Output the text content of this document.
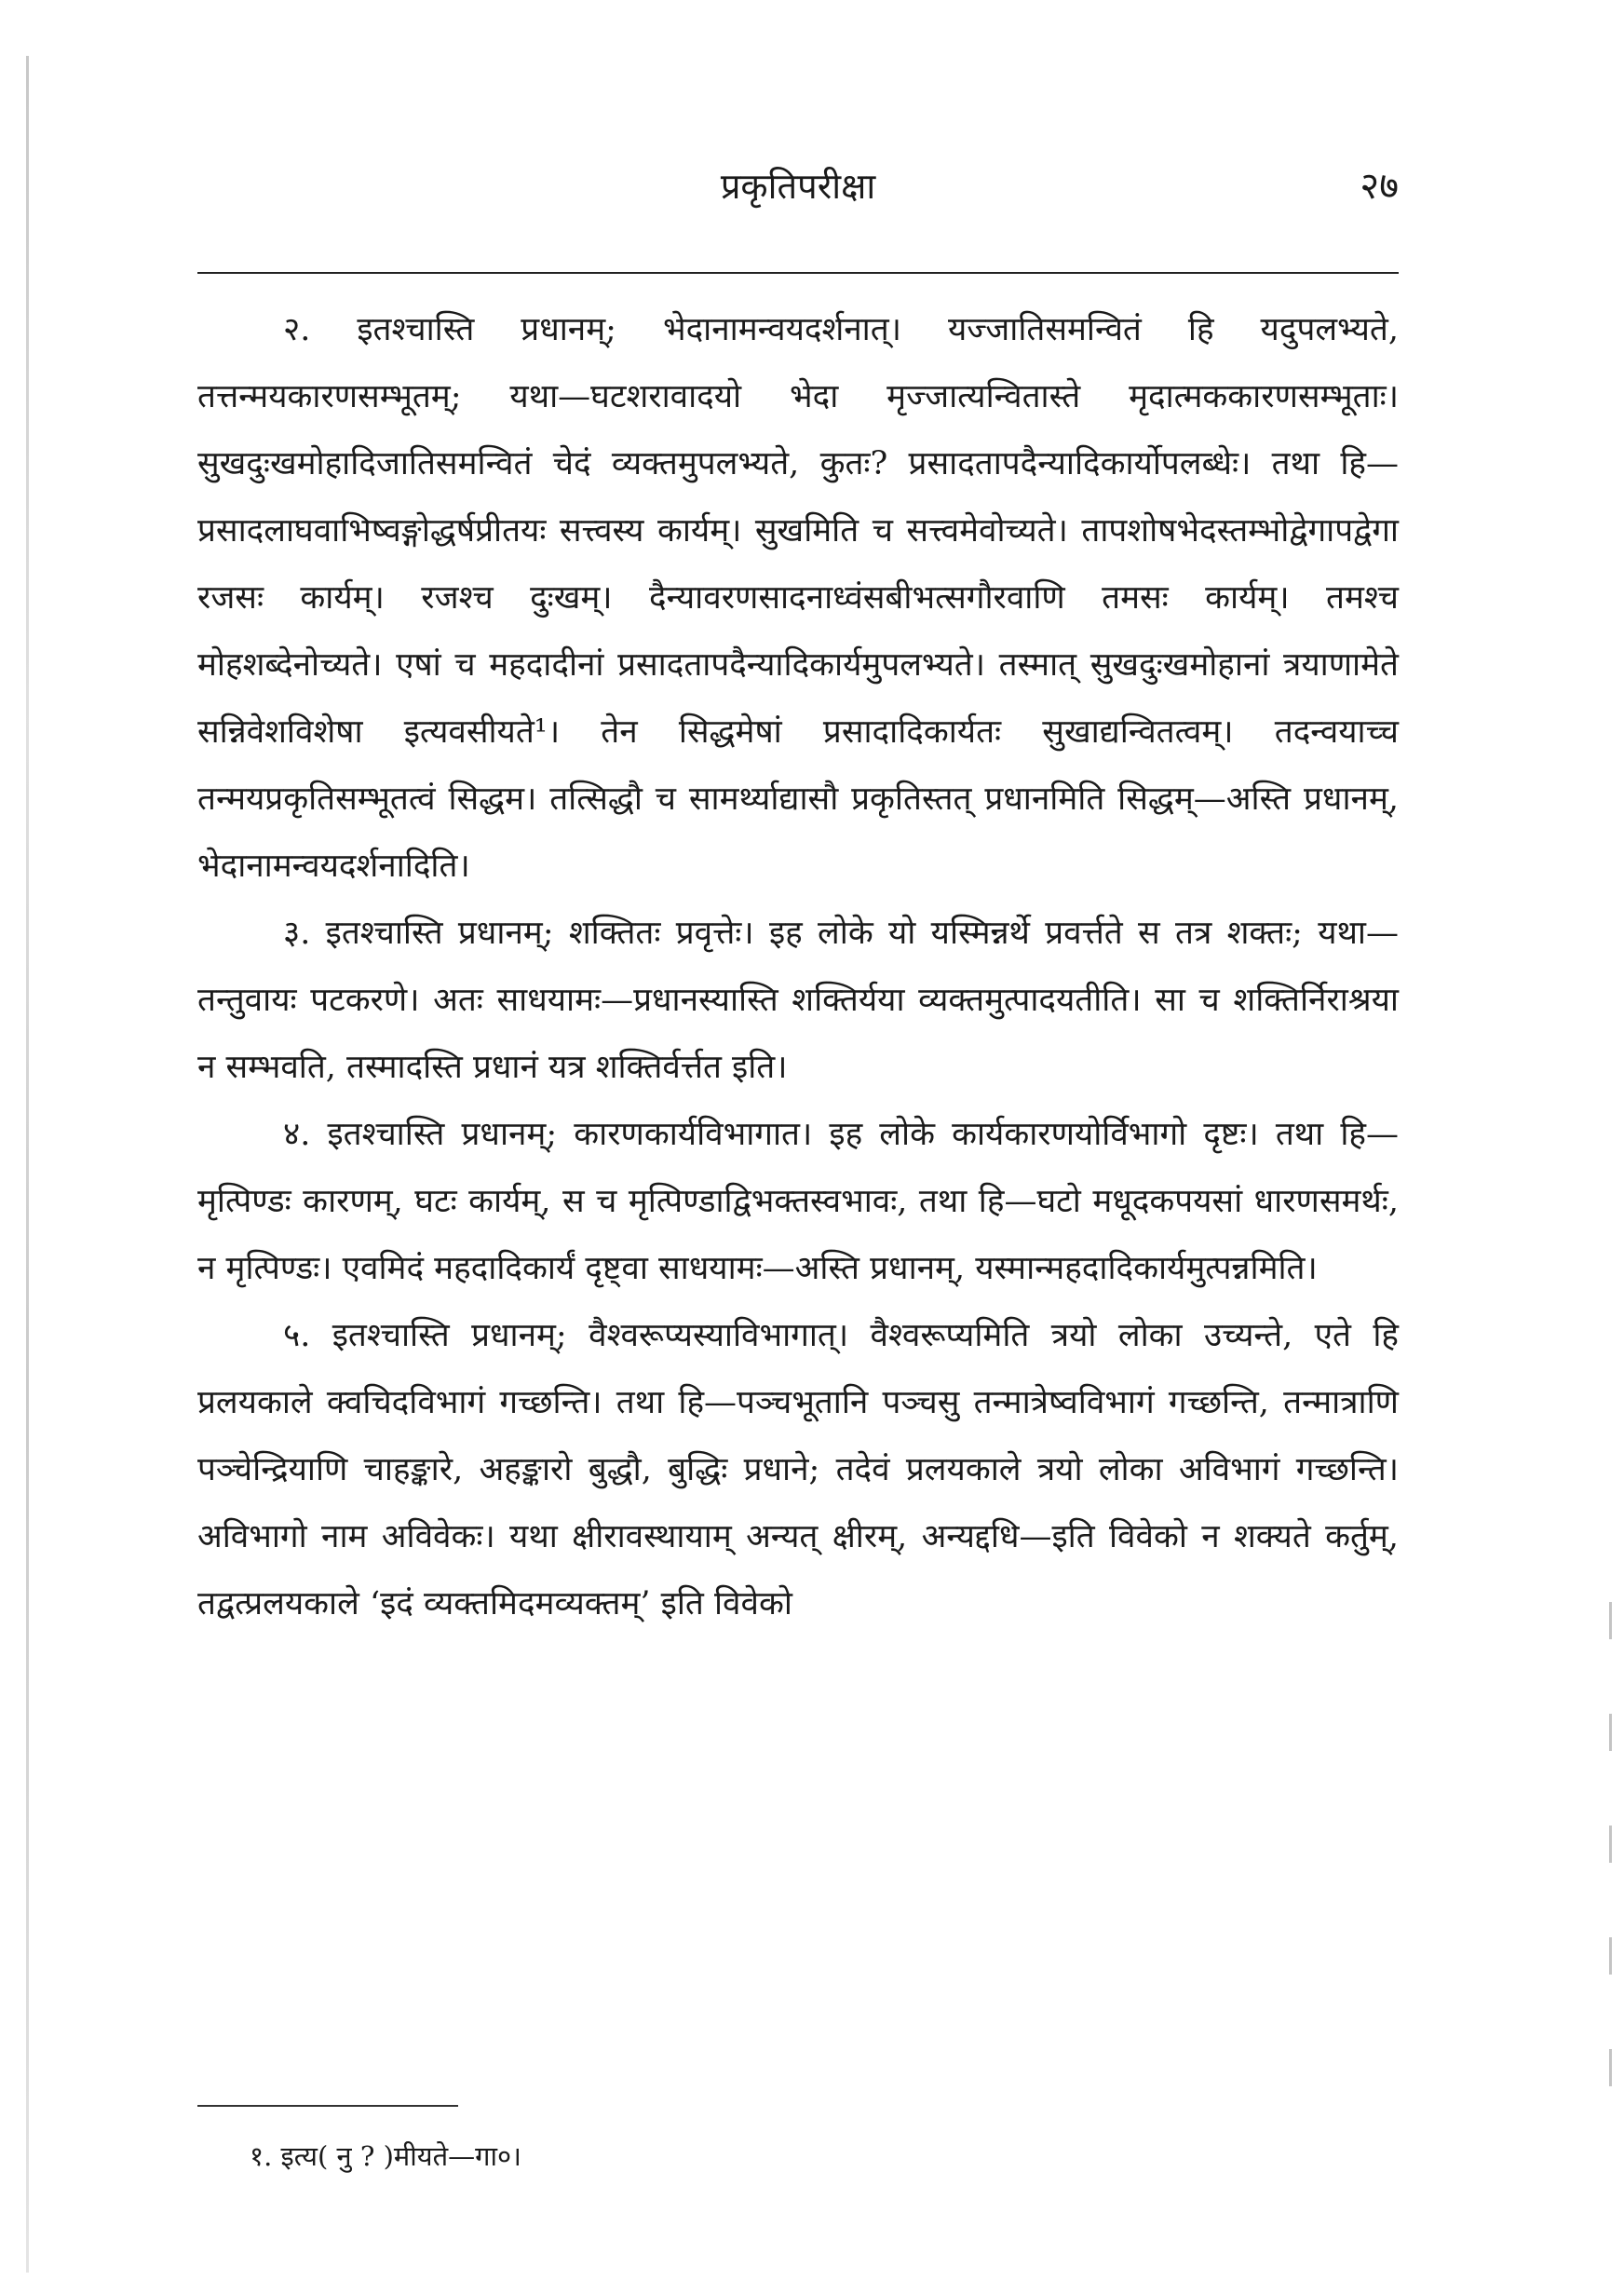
प्रकृतिपरीक्षा	२७

२. इतश्चास्ति प्रधानम्; भेदानामन्वयदर्शनात्। यज्जातिसमन्वितं हि यदुपलभ्यते, तत्तन्मयकारणसम्भूतम्; यथा—घटशरावादयो भेदा मृज्जात्यन्वितास्ते मृदात्मककारणसम्भूताः। सुखदुःखमोहादिजातिसमन्वितं चेदं व्यक्तमुपलभ्यते, कुतः? प्रसादतापदैन्यादिकार्योपलब्धेः। तथा हि—प्रसादलाघवाभिष्वङ्गोद्धर्षप्रीतयः सत्त्वस्य कार्यम्। सुखमिति च सत्त्वमेवोच्यते। तापशोषभेदस्तम्भोद्वेगापद्वेगा रजसः कार्यम्। रजश्च दुःखम्। दैन्यावरणसादनाध्वंसबीभत्सगौरवाणि तमसः कार्यम्। तमश्च मोहशब्देनोच्यते। एषां च महदादीनां प्रसादतापदैन्यादिकार्यमुपलभ्यते। तस्मात् सुखदुःखमोहानां त्रयाणामेते सन्निवेशविशेषा इत्यवसीयते¹। तेन सिद्धमेषां प्रसादादिकार्यतः सुखाद्यन्वितत्वम्। तदन्वयाच्च तन्मयप्रकृतिसम्भूतत्वं सिद्धम। तत्सिद्धौ च सामर्थ्याद्यासौ प्रकृतिस्तत् प्रधानमिति सिद्धम्—अस्ति प्रधानम्, भेदानामन्वयदर्शनादिति।

३. इतश्चास्ति प्रधानम्; शक्तितः प्रवृत्तेः। इह लोके यो यस्मिन्नर्थे प्रवर्त्तते स तत्र शक्तः; यथा—तन्तुवायः पटकरणे। अतः साधयामः—प्रधानस्यास्ति शक्तिर्यया व्यक्तमुत्पादयतीति। सा च शक्तिर्निराश्रया न सम्भवति, तस्मादस्ति प्रधानं यत्र शक्तिर्वर्त्तत इति।

४. इतश्चास्ति प्रधानम्; कारणकार्यविभागात। इह लोके कार्यकारणयोर्विभागो दृष्टः। तथा हि—मृत्पिण्डः कारणम्, घटः कार्यम्, स च मृत्पिण्डाद्विभक्तस्वभावः, तथा हि—घटो मधूदकपयसां धारणसमर्थः, न मृत्पिण्डः। एवमिदं महदादिकार्यं दृष्ट्वा साधयामः—अस्ति प्रधानम्, यस्मान्महदादिकार्यमुत्पन्नमिति।

५. इतश्चास्ति प्रधानम्; वैश्वरूप्यस्याविभागात्। वैश्वरूप्यमिति त्रयो लोका उच्यन्ते, एते हि प्रलयकाले क्वचिदविभागं गच्छन्ति। तथा हि—पञ्चभूतानि पञ्चसु तन्मात्रेष्वविभागं गच्छन्ति, तन्मात्राणि पञ्चेन्द्रियाणि चाहङ्कारे, अहङ्कारो बुद्धौ, बुद्धिः प्रधाने; तदेवं प्रलयकाले त्रयो लोका अविभागं गच्छन्ति। अविभागो नाम अविवेकः। यथा क्षीरावस्थायाम् अन्यत् क्षीरम्, अन्यद्दधि—इति विवेको न शक्यते कर्तुम्, तद्वत्प्रलयकाले ‘इदं व्यक्तमिदमव्यक्तम्’ इति विवेको

१. इत्य( नु ? )मीयते—गा०।
